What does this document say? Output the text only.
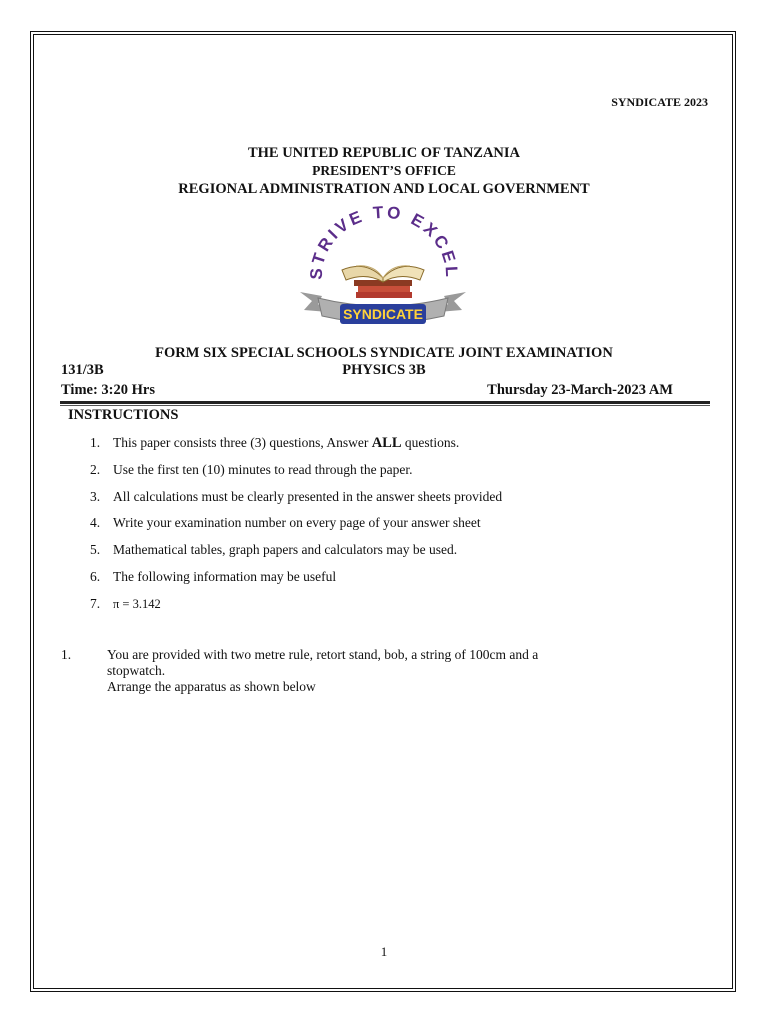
SYNDICATE 2023
THE UNITED REPUBLIC OF TANZANIA
PRESIDENT’S OFFICE
REGIONAL ADMINISTRATION AND LOCAL GOVERNMENT
STRIVE TO EXCEL
SYNDICATE
FORM SIX SPECIAL SCHOOLS SYNDICATE JOINT EXAMINATION
131/3B	PHYSICS 3B
Time: 3:20 Hrs	Thursday 23-March-2023 AM
INSTRUCTIONS
1. This paper consists three (3) questions, Answer ALL questions.
2. Use the first ten (10) minutes to read through the paper.
3. All calculations must be clearly presented in the answer sheets provided
4. Write your examination number on every page of your answer sheet
5. Mathematical tables, graph papers and calculators may be used.
6. The following information may be useful
7. π = 3.142
1.	You are provided with two metre rule, retort stand, bob, a string of 100cm and a
stopwatch.
Arrange the apparatus as shown below
1
